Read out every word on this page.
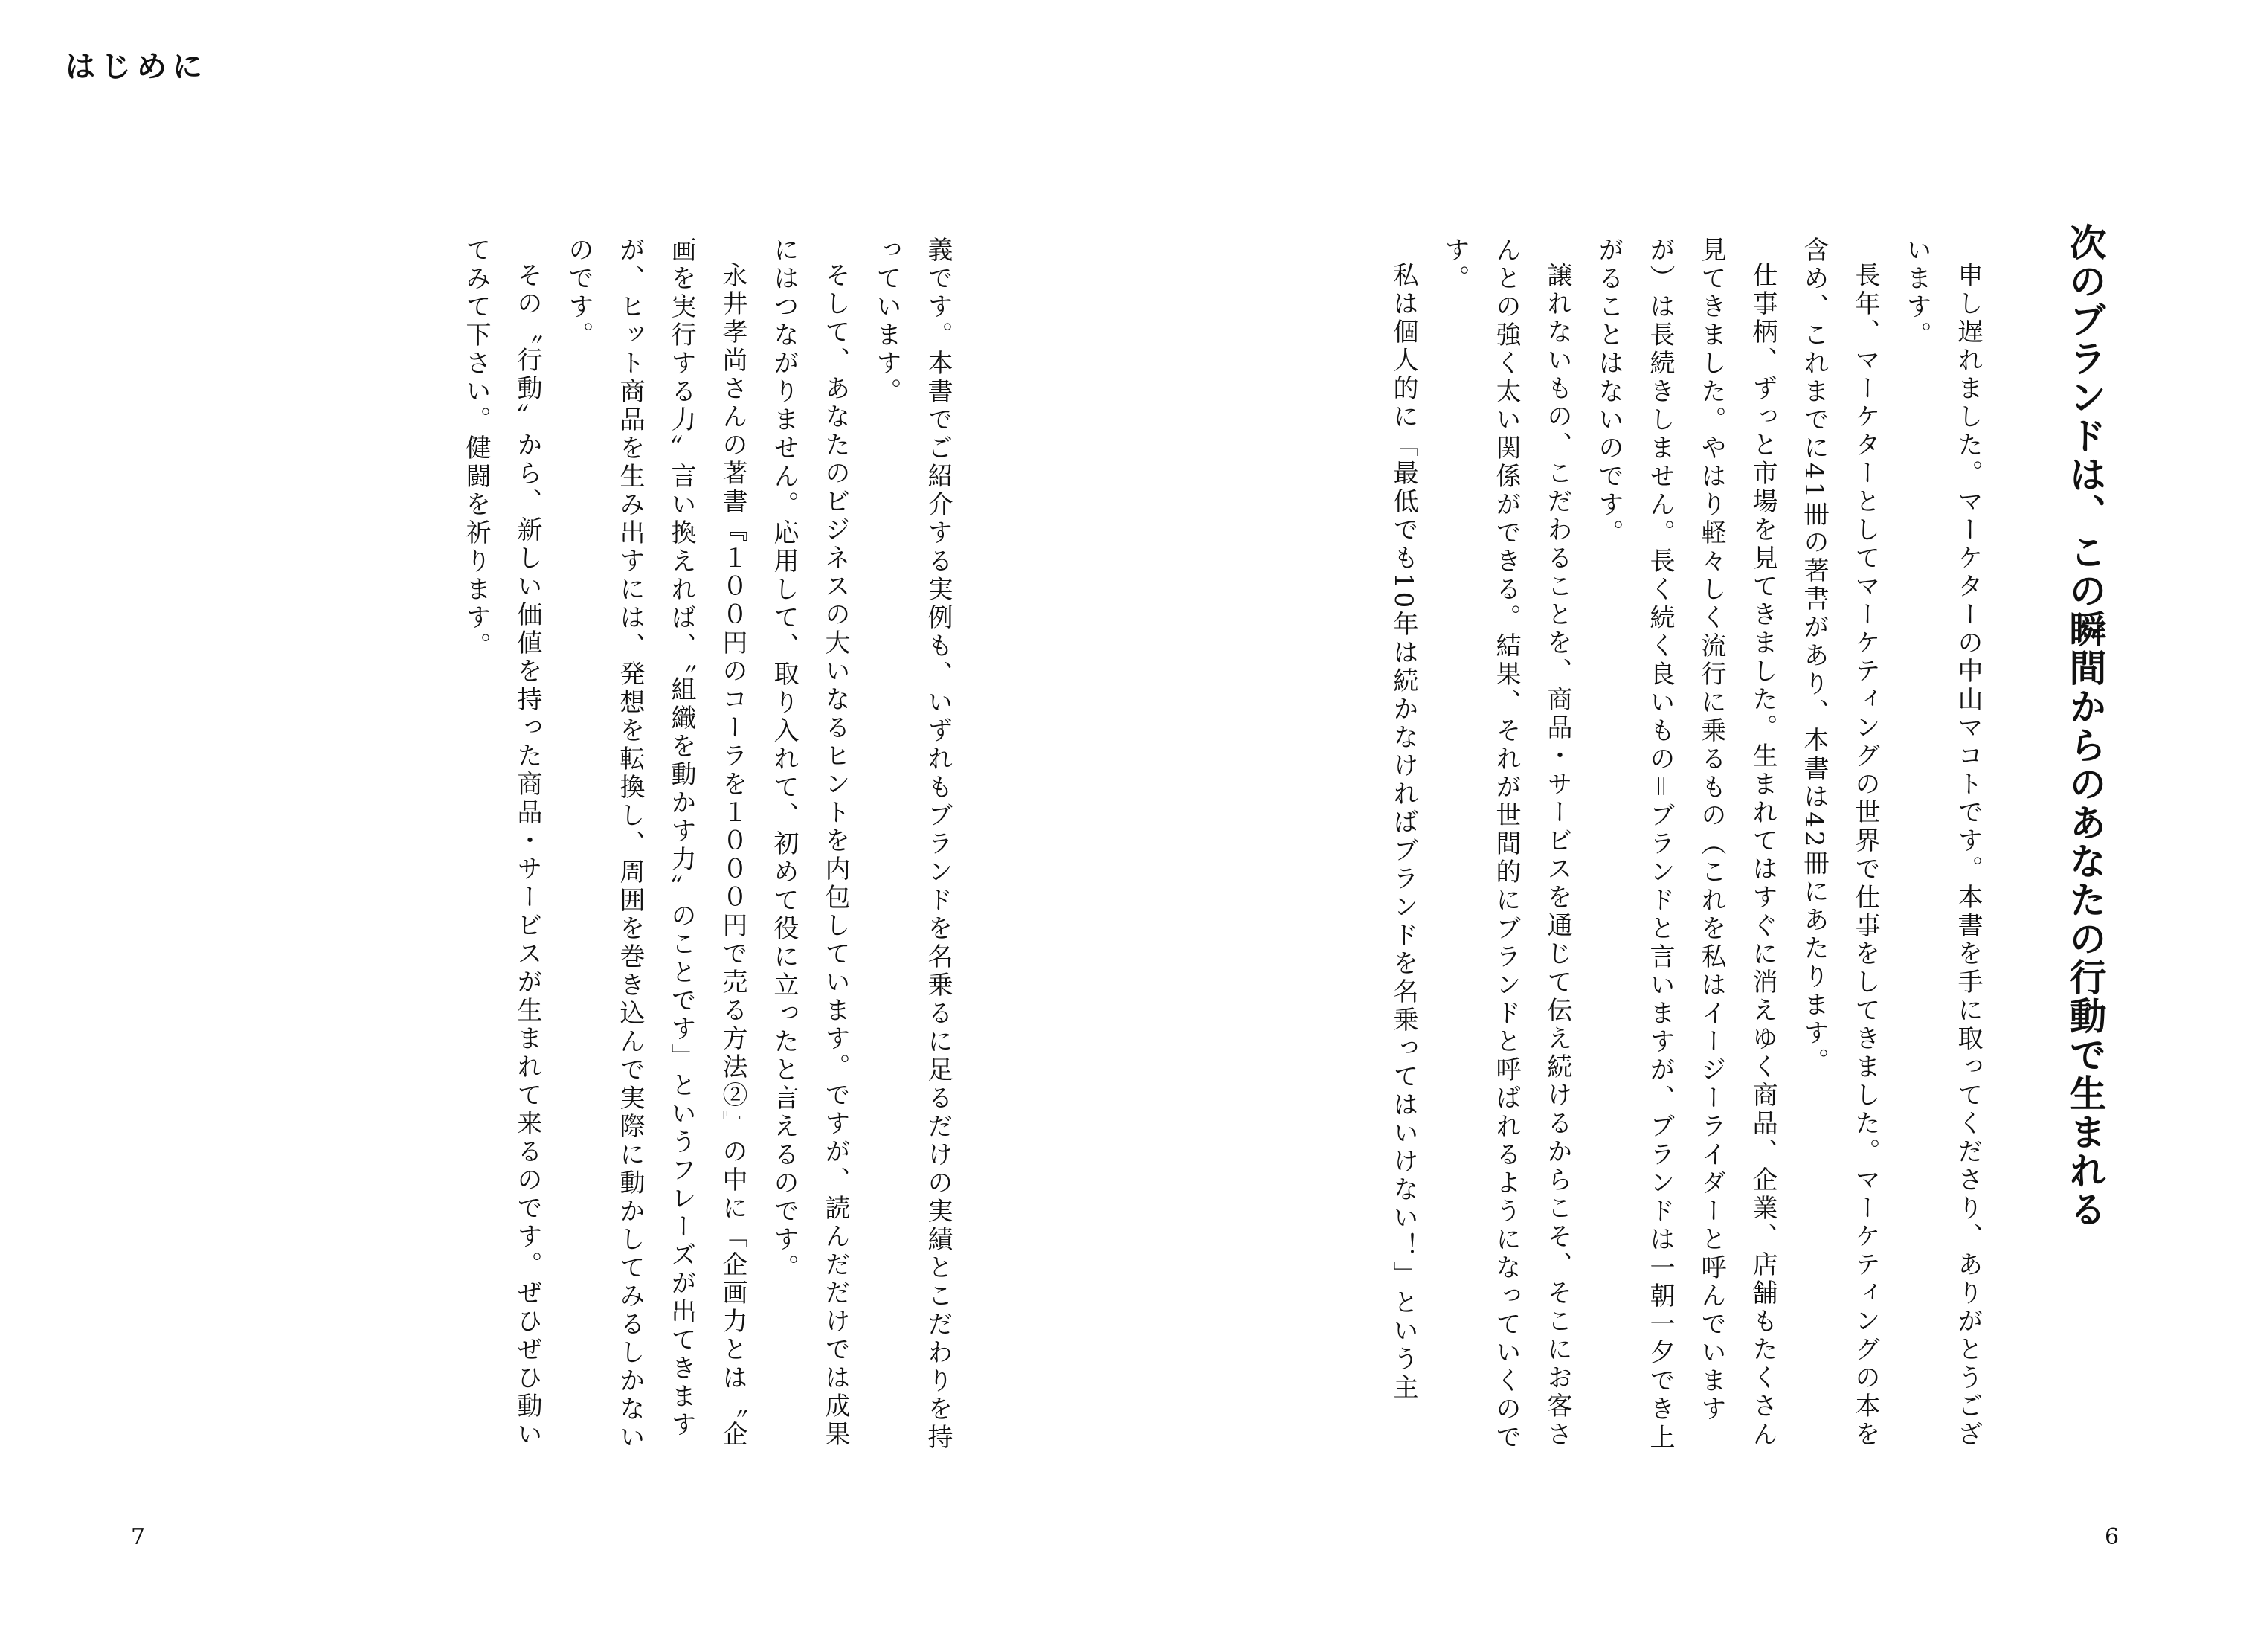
はじめに
次のブランドは、この瞬間からのあなたの行動で生まれる

申し遅れました。マーケターの中山マコトです。本書を手に取ってくださり、ありがとうございます。

長年、マーケターとしてマーケティングの世界で仕事をしてきました。マーケティングの本を含め、これまでに41冊の著書があり、本書は42冊にあたります。

仕事柄、ずっと市場を見てきました。生まれてはすぐに消えゆく商品、企業、店舗もたくさん見てきました。やはり軽々しく流行に乗るもの（これを私はイージーライダーと呼んでいますが）は長続きしません。長く続く良いもの＝ブランドと言いますが、ブランドは一朝一夕でき上がることはないのです。

譲れないもの、こだわることを、商品・サービスを通じて伝え続けるからこそ、そこにお客さんとの強く太い関係ができる。結果、それが世間的にブランドと呼ばれるようになっていくのです。

私は個人的に「最低でも10年は続かなければブランドを名乗ってはいけない！」という主

義です。本書でご紹介する実例も、いずれもブランドを名乗るに足るだけの実績とこだわりを持っています。

そして、あなたのビジネスの大いなるヒントを内包しています。ですが、読んだだけでは成果にはつながりません。応用して、取り入れて、初めて役に立ったと言えるのです。

永井孝尚さんの著書『１００円のコーラを１０００円で売る方法②』の中に「企画力とは〝企画を実行する力〟言い換えれば、〝組織を動かす力〟のことです」というフレーズが出てきますが、ヒット商品を生み出すには、発想を転換し、周囲を巻き込んで実際に動かしてみるしかないのです。

その〝行動〟から、新しい価値を持った商品・サービスが生まれて来るのです。ぜひぜひ動いてみて下さい。健闘を祈ります。

7	6
